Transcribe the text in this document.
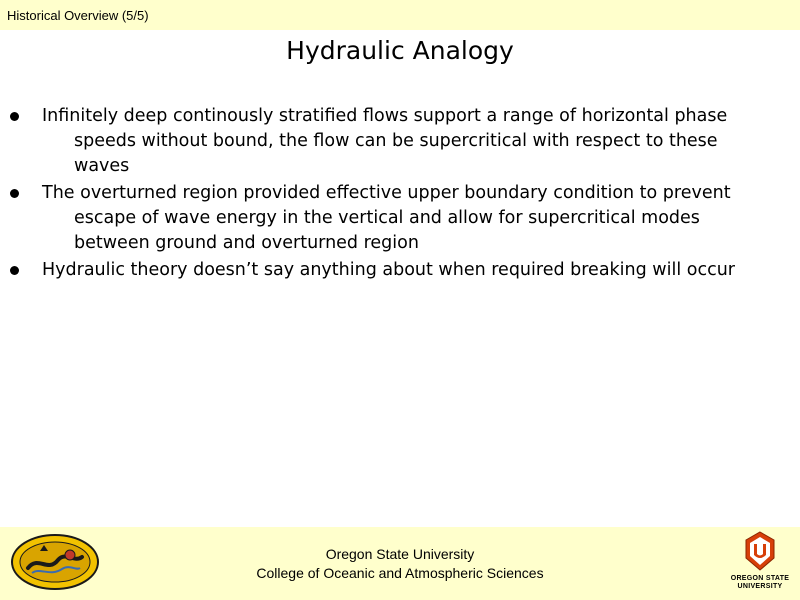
Historical Overview (5/5)
Hydraulic Analogy
Infinitely deep continously stratified flows support a range of horizontal phase speeds without bound, the flow can be supercritical with respect to these waves
The overturned region provided effective upper boundary condition to prevent escape of wave energy in the vertical and allow for supercritical modes between ground and overturned region
Hydraulic theory doesn’t say anything about when required breaking will occur
Oregon State University
College of Oceanic and Atmospheric Sciences	OREGON STATE
UNIVERSITY
